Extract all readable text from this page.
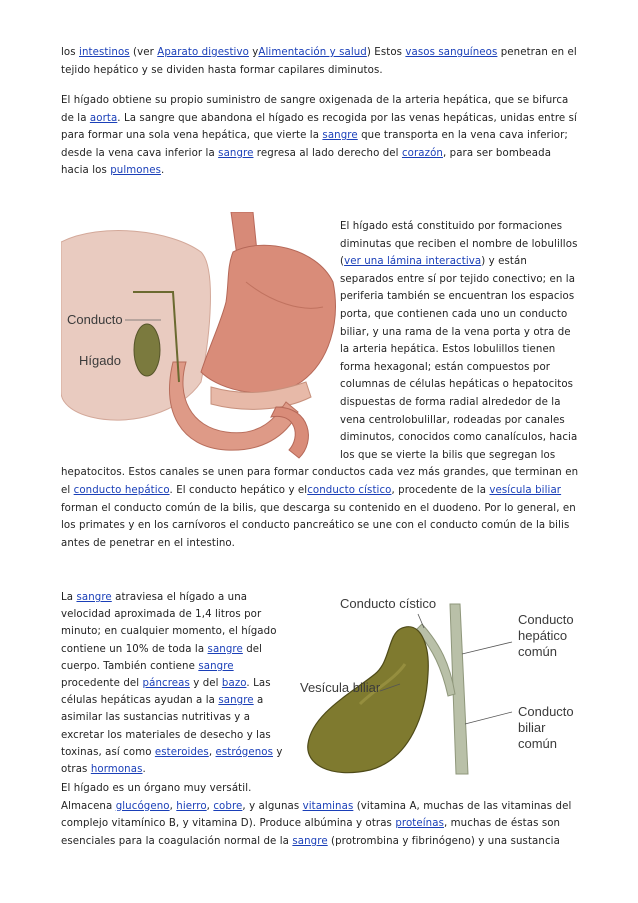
los intestinos (ver Aparato digestivo yAlimentación y salud) Estos vasos sanguíneos penetran en el tejido hepático y se dividen hasta formar capilares diminutos.
El hígado obtiene su propio suministro de sangre oxigenada de la arteria hepática, que se bifurca de la aorta. La sangre que abandona el hígado es recogida por las venas hepáticas, unidas entre sí para formar una sola vena hepática, que vierte la sangre que transporta en la vena cava inferior; desde la vena cava inferior la sangre regresa al lado derecho del corazón, para ser bombeada hacia los pulmones.
Conducto
Hígado
El hígado está constituido por formaciones diminutas que reciben el nombre de lobulillos (ver una lámina interactiva) y están separados entre sí por tejido conectivo; en la periferia también se encuentran los espacios porta, que contienen cada uno un conducto biliar, y una rama de la vena porta y otra de la arteria hepática. Estos lobulillos tienen forma hexagonal; están compuestos por columnas de células hepáticas o hepatocitos dispuestas de forma radial alrededor de la vena centrolobulillar, rodeadas por canales diminutos, conocidos como canalículos, hacia los que se vierte la bilis que segregan los hepatocitos. Estos canales se unen para formar conductos cada vez más grandes, que terminan en el conducto hepático. El conducto hepático y elconducto cístico, procedente de la vesícula biliar forman el conducto común de la bilis, que descarga su contenido en el duodeno. Por lo general, en los primates y en los carnívoros el conducto pancreático se une con el conducto común de la bilis antes de penetrar en el intestino.
Conducto cístico
Vesícula biliar
Conducto
hepático
común
Conducto
biliar
común
La sangre atraviesa el hígado a una velocidad aproximada de 1,4 litros por minuto; en cualquier momento, el hígado contiene un 10% de toda la sangre del cuerpo. También contiene sangre procedente del páncreas y del bazo. Las células hepáticas ayudan a la sangre a asimilar las sustancias nutritivas y a excretar los materiales de desecho y las toxinas, así como esteroides, estrógenos y otras hormonas.
El hígado es un órgano muy versátil.
Almacena glucógeno, hierro, cobre, y algunas vitaminas (vitamina A, muchas de las vitaminas del complejo vitamínico B, y vitamina D). Produce albúmina y otras proteínas, muchas de éstas son esenciales para la coagulación normal de la sangre (protrombina y fibrinógeno) y una sustancia
